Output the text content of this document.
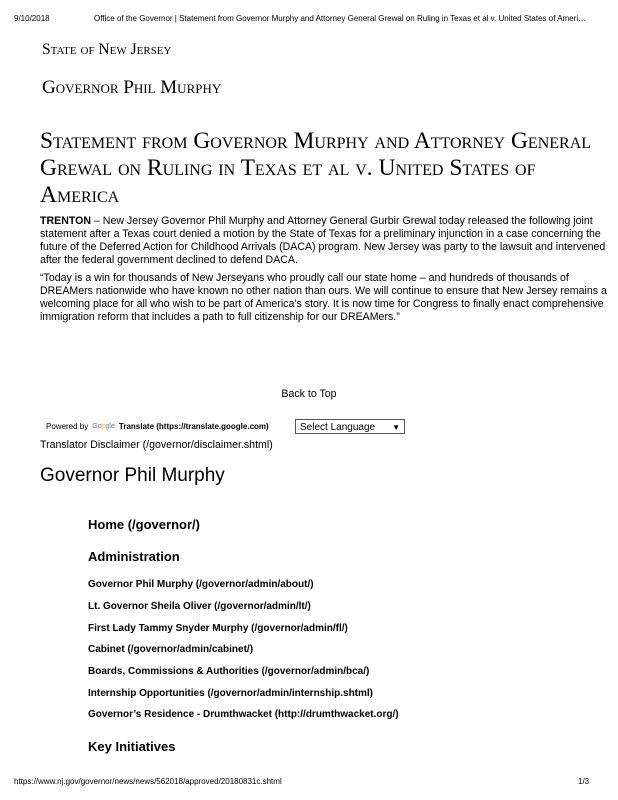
9/10/2018	Office of the Governor | Statement from Governor Murphy and Attorney General Grewal on Ruling in Texas et al v. United States of Ameri…
State of New Jersey
Governor Phil Murphy
Statement from Governor Murphy and Attorney General Grewal on Ruling in Texas et al v. United States of America

TRENTON – New Jersey Governor Phil Murphy and Attorney General Gurbir Grewal today released the following joint statement after a Texas court denied a motion by the State of Texas for a preliminary injunction in a case concerning the future of the Deferred Action for Childhood Arrivals (DACA) program. New Jersey was party to the lawsuit and intervened after the federal government declined to defend DACA.

“Today is a win for thousands of New Jerseyans who proudly call our state home – and hundreds of thousands of DREAMers nationwide who have known no other nation than ours. We will continue to ensure that New Jersey remains a welcoming place for all who wish to be part of America’s story. It is now time for Congress to finally enact comprehensive immigration reform that includes a path to full citizenship for our DREAMers.”

Back to Top
Powered by Google Translate (https://translate.google.com)	Select Language ▼
Translator Disclaimer (/governor/disclaimer.shtml)
Governor Phil Murphy
Home (/governor/)
Administration
Governor Phil Murphy (/governor/admin/about/)
Lt. Governor Sheila Oliver (/governor/admin/lt/)
First Lady Tammy Snyder Murphy (/governor/admin/fl/)
Cabinet (/governor/admin/cabinet/)
Boards, Commissions & Authorities (/governor/admin/bca/)
Internship Opportunities (/governor/admin/internship.shtml)
Governor’s Residence - Drumthwacket (http://drumthwacket.org/)
Key Initiatives
https://www.nj.gov/governor/news/news/562018/approved/20180831c.shtml	1/3
